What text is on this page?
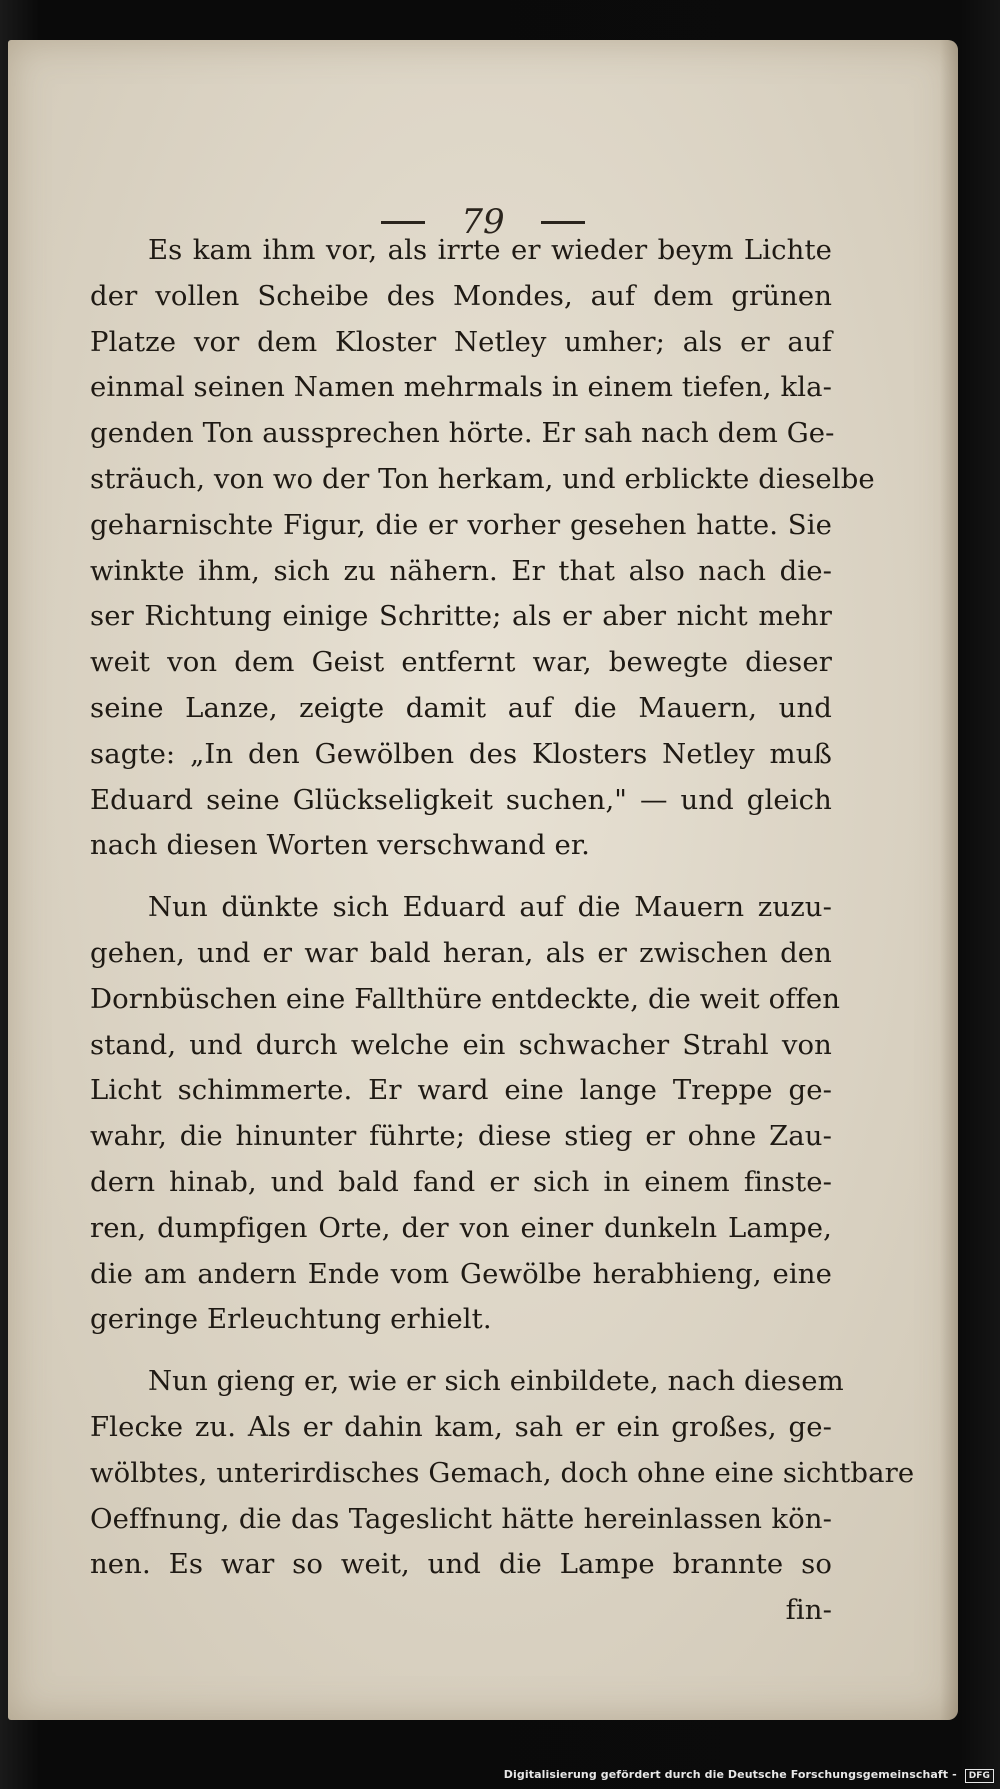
79
Es kam ihm vor, als irrte er wieder beym Lichte
der vollen Scheibe des Mondes, auf dem grünen
Platze vor dem Kloster Netley umher; als er auf
einmal seinen Namen mehrmals in einem tiefen, kla-
genden Ton aussprechen hörte. Er sah nach dem Ge-
sträuch, von wo der Ton herkam, und erblickte dieselbe
geharnischte Figur, die er vorher gesehen hatte. Sie
winkte ihm, sich zu nähern. Er that also nach die-
ser Richtung einige Schritte; als er aber nicht mehr
weit von dem Geist entfernt war, bewegte dieser
seine Lanze, zeigte damit auf die Mauern, und
sagte: „In den Gewölben des Klosters Netley muß
Eduard seine Glückseligkeit suchen," — und gleich
nach diesen Worten verschwand er.
Nun dünkte sich Eduard auf die Mauern zuzu-
gehen, und er war bald heran, als er zwischen den
Dornbüschen eine Fallthüre entdeckte, die weit offen
stand, und durch welche ein schwacher Strahl von
Licht schimmerte. Er ward eine lange Treppe ge-
wahr, die hinunter führte; diese stieg er ohne Zau-
dern hinab, und bald fand er sich in einem finste-
ren, dumpfigen Orte, der von einer dunkeln Lampe,
die am andern Ende vom Gewölbe herabhieng, eine
geringe Erleuchtung erhielt.
Nun gieng er, wie er sich einbildete, nach diesem
Flecke zu. Als er dahin kam, sah er ein großes, ge-
wölbtes, unterirdisches Gemach, doch ohne eine sichtbare
Oeffnung, die das Tageslicht hätte hereinlassen kön-
nen. Es war so weit, und die Lampe brannte so
fin-
Digitalisierung gefördert durch die Deutsche Forschungsgemeinschaft - DFG
